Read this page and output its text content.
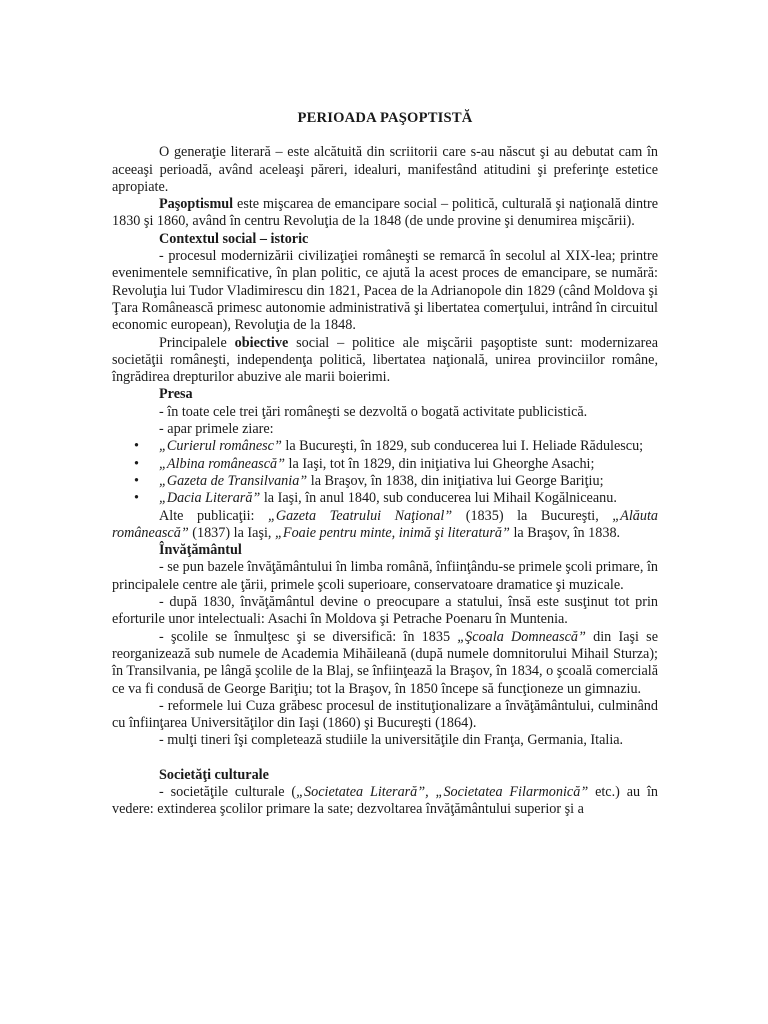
PERIOADA PAŞOPTISTĂ

O generaţie literară – este alcătuită din scriitorii care s-au născut şi au debutat cam în aceeaşi perioadă, având aceleaşi păreri, idealuri, manifestând atitudini şi preferinţe estetice apropiate.

Paşoptismul este mişcarea de emancipare social – politică, culturală şi naţională dintre 1830 şi 1860, având în centru Revoluţia de la 1848 (de unde provine şi denumirea mişcării).

Contextul social – istoric

- procesul modernizării civilizaţiei româneşti se remarcă în secolul al XIX-lea; printre evenimentele semnificative, în plan politic, ce ajută la acest proces de emancipare, se numără: Revoluţia lui Tudor Vladimirescu din 1821, Pacea de la Adrianopole din 1829 (când Moldova şi Ţara Românească primesc autonomie administrativă şi libertatea comerţului, intrând în circuitul economic european), Revoluţia de la 1848.

Principalele obiective social – politice ale mişcării paşoptiste sunt: modernizarea societăţii româneşti, independenţa politică, libertatea naţională, unirea provinciilor române, îngrădirea drepturilor abuzive ale marii boierimi.

Presa

- în toate cele trei ţări româneşti se dezvoltă o bogată activitate publicistică.

- apar primele ziare:

• „Curierul românesc” la Bucureşti, în 1829, sub conducerea lui I. Heliade Rădulescu;
• „Albina românească” la Iaşi, tot în 1829, din iniţiativa lui Gheorghe Asachi;
• „Gazeta de Transilvania” la Braşov, în 1838, din iniţiativa lui George Bariţiu;
• „Dacia Literară” la Iaşi, în anul 1840, sub conducerea lui Mihail Kogălniceanu.

Alte publicaţii: „Gazeta Teatrului Naţional” (1835) la Bucureşti, „Alăuta românească” (1837) la Iaşi, „Foaie pentru minte, inimă şi literatură” la Braşov, în 1838.

Învăţământul

- se pun bazele învăţământului în limba română, înfiinţându-se primele şcoli primare, în principalele centre ale ţării, primele şcoli superioare, conservatoare dramatice şi muzicale.

- după 1830, învăţământul devine o preocupare a statului, însă este susţinut tot prin eforturile unor intelectuali: Asachi în Moldova şi Petrache Poenaru în Muntenia.

- şcolile se înmulţesc şi se diversifică: în 1835 „Şcoala Domnească” din Iaşi se reorganizează sub numele de Academia Mihăileană (după numele domnitorului Mihail Sturza); în Transilvania, pe lângă şcolile de la Blaj, se înfiinţează la Braşov, în 1834, o şcoală comercială ce va fi condusă de George Bariţiu; tot la Braşov, în 1850 începe să funcţioneze un gimnaziu.

- reformele lui Cuza grăbesc procesul de instituţionalizare a învăţământului, culminând cu înfiinţarea Universităţilor din Iaşi (1860) şi Bucureşti (1864).

- mulţi tineri îşi completează studiile la universităţile din Franţa, Germania, Italia.

Societăţi culturale

- societăţile culturale („Societatea Literară”, „Societatea Filarmonică” etc.) au în vedere: extinderea şcolilor primare la sate; dezvoltarea învăţământului superior şi a
